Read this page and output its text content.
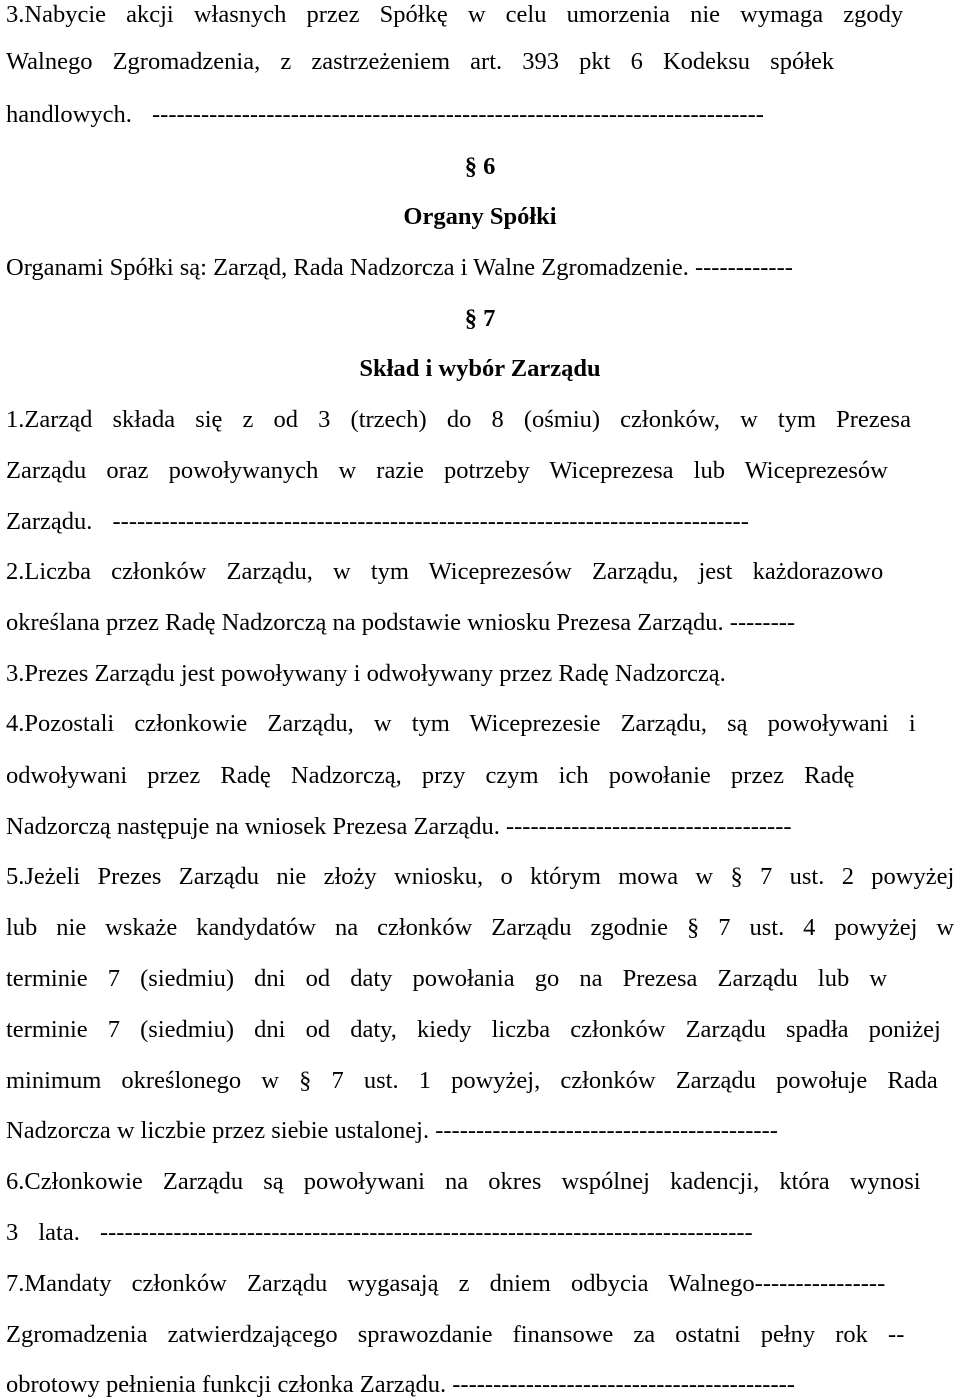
3.Nabycie akcji własnych przez Spółkę w celu umorzenia nie wymaga zgody
Walnego Zgromadzenia, z zastrzeżeniem art. 393 pkt 6 Kodeksu spółek
handlowych. ---------------------------------------------------------------------------
§ 6
Organy Spółki
Organami Spółki są: Zarząd, Rada Nadzorcza i Walne Zgromadzenie. ------------
§ 7
Skład i wybór Zarządu
1.Zarząd składa się z od 3 (trzech) do 8 (ośmiu) członków, w tym Prezesa
Zarządu oraz powoływanych w razie potrzeby Wiceprezesa lub Wiceprezesów
Zarządu. ------------------------------------------------------------------------------
2.Liczba członków Zarządu, w tym Wiceprezesów Zarządu, jest każdorazowo
określana przez Radę Nadzorczą na podstawie wniosku Prezesa Zarządu. --------
3.Prezes Zarządu jest powoływany i odwoływany przez Radę Nadzorczą.
4.Pozostali członkowie Zarządu, w tym Wiceprezesie Zarządu, są powoływani i
odwoływani przez Radę Nadzorczą, przy czym ich powołanie przez Radę
Nadzorczą następuje na wniosek Prezesa Zarządu. -----------------------------------
5.Jeżeli Prezes Zarządu nie złoży wniosku, o którym mowa w § 7 ust. 2 powyżej
lub nie wskaże kandydatów na członków Zarządu zgodnie § 7 ust. 4 powyżej w
terminie 7 (siedmiu) dni od daty powołania go na Prezesa Zarządu lub w
terminie 7 (siedmiu) dni od daty, kiedy liczba członków Zarządu spadła poniżej
minimum określonego w § 7 ust. 1 powyżej, członków Zarządu powołuje Rada
Nadzorcza w liczbie przez siebie ustalonej. ------------------------------------------
6.Członkowie Zarządu są powoływani na okres wspólnej kadencji, która wynosi
3 lata. --------------------------------------------------------------------------------
7.Mandaty członków Zarządu wygasają z dniem odbycia Walnego----------------
Zgromadzenia zatwierdzającego sprawozdanie finansowe za ostatni pełny rok --
obrotowy pełnienia funkcji członka Zarządu. ------------------------------------------
